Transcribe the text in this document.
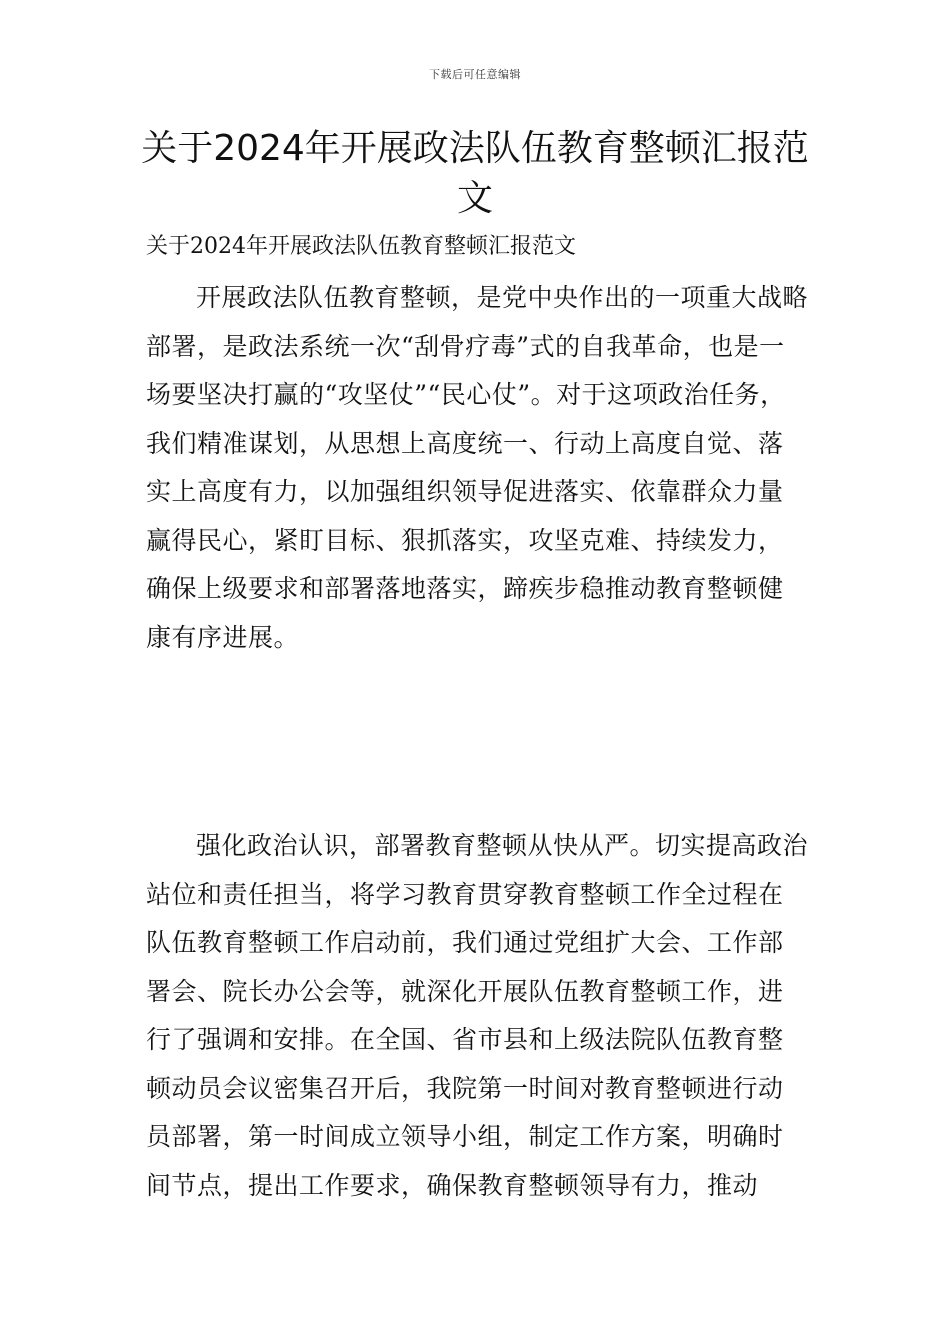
下载后可任意编辑
关于2024年开展政法队伍教育整顿汇报范文

关于2024年开展政法队伍教育整顿汇报范文

开展政法队伍教育整顿，是党中央作出的一项重大战略部署，是政法系统一次“刮骨疗毒”式的自我革命，也是一场要坚决打赢的“攻坚仗”“民心仗”。对于这项政治任务，我们精准谋划，从思想上高度统一、行动上高度自觉、落实上高度有力，以加强组织领导促进落实、依靠群众力量赢得民心，紧盯目标、狠抓落实，攻坚克难、持续发力，确保上级要求和部署落地落实，蹄疾步稳推动教育整顿健康有序进展。

强化政治认识，部署教育整顿从快从严。切实提高政治站位和责任担当，将学习教育贯穿教育整顿工作全过程在队伍教育整顿工作启动前，我们通过党组扩大会、工作部署会、院长办公会等，就深化开展队伍教育整顿工作，进行了强调和安排。在全国、省市县和上级法院队伍教育整顿动员会议密集召开后，我院第一时间对教育整顿进行动员部署，第一时间成立领导小组，制定工作方案，明确时间节点，提出工作要求，确保教育整顿领导有力，推动
